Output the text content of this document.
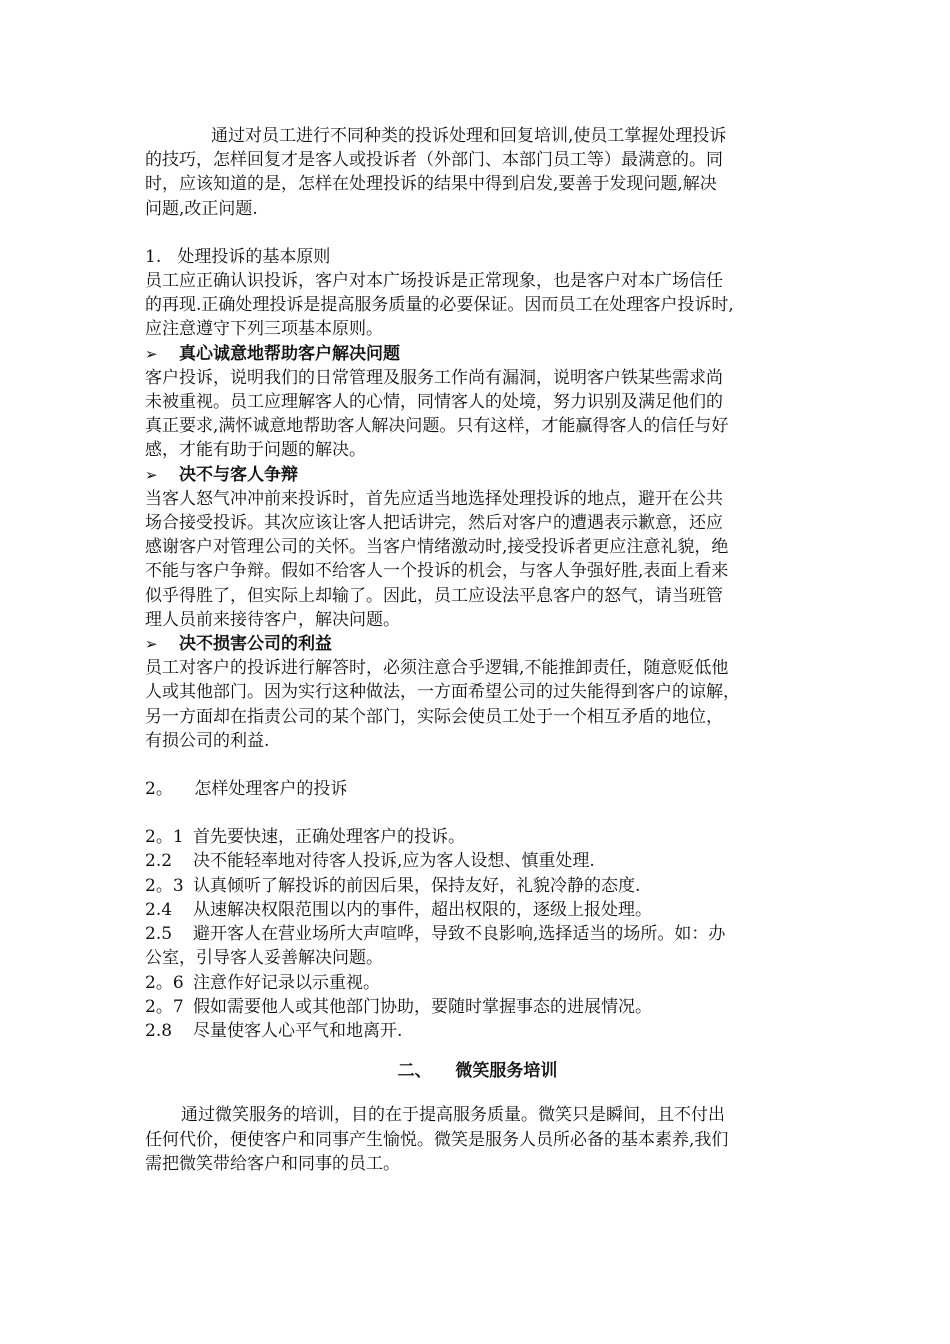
通过对员工进行不同种类的投诉处理和回复培训,使员工掌握处理投诉
的技巧，怎样回复才是客人或投诉者（外部门、本部门员工等）最满意的。同
时，应该知道的是，怎样在处理投诉的结果中得到启发,要善于发现问题,解决
问题,改正问题.
1.   处理投诉的基本原则
员工应正确认识投诉，客户对本广场投诉是正常现象，也是客户对本广场信任
的再现.正确处理投诉是提高服务质量的必要保证。因而员工在处理客户投诉时,
应注意遵守下列三项基本原则。
➢ 真心诚意地帮助客户解决问题
客户投诉，说明我们的日常管理及服务工作尚有漏洞，说明客户铁某些需求尚
未被重视。员工应理解客人的心情，同情客人的处境，努力识别及满足他们的
真正要求,满怀诚意地帮助客人解决问题。只有这样，才能赢得客人的信任与好
感，才能有助于问题的解决。
➢ 决不与客人争辩
当客人怒气冲冲前来投诉时，首先应适当地选择处理投诉的地点，避开在公共
场合接受投诉。其次应该让客人把话讲完，然后对客户的遭遇表示歉意，还应
感谢客户对管理公司的关怀。当客户情绪激动时,接受投诉者更应注意礼貌，绝
不能与客户争辩。假如不给客人一个投诉的机会，与客人争强好胜,表面上看来
似乎得胜了，但实际上却输了。因此，员工应设法平息客户的怒气，请当班管
理人员前来接待客户，解决问题。
➢ 决不损害公司的利益
员工对客户的投诉进行解答时，必须注意合乎逻辑,不能推卸责任，随意贬低他
人或其他部门。因为实行这种做法，一方面希望公司的过失能得到客户的谅解，
另一方面却在指责公司的某个部门，实际会使员工处于一个相互矛盾的地位，
有损公司的利益.
2。    怎样处理客户的投诉
2。1 首先要快速，正确处理客户的投诉。
2.2 决不能轻率地对待客人投诉,应为客人设想、慎重处理.
2。3 认真倾听了解投诉的前因后果，保持友好，礼貌冷静的态度.
2.4 从速解决权限范围以内的事件，超出权限的，逐级上报处理。
2.5 避开客人在营业场所大声喧哗，导致不良影响,选择适当的场所。如：办
公室，引导客人妥善解决问题。
2。6 注意作好记录以示重视。
2。7 假如需要他人或其他部门协助，要随时掌握事态的进展情况。
2.8 尽量使客人心平气和地离开.
二、    微笑服务培训
通过微笑服务的培训，目的在于提高服务质量。微笑只是瞬间，且不付出
任何代价，便使客户和同事产生愉悦。微笑是服务人员所必备的基本素养,我们
需把微笑带给客户和同事的员工。
